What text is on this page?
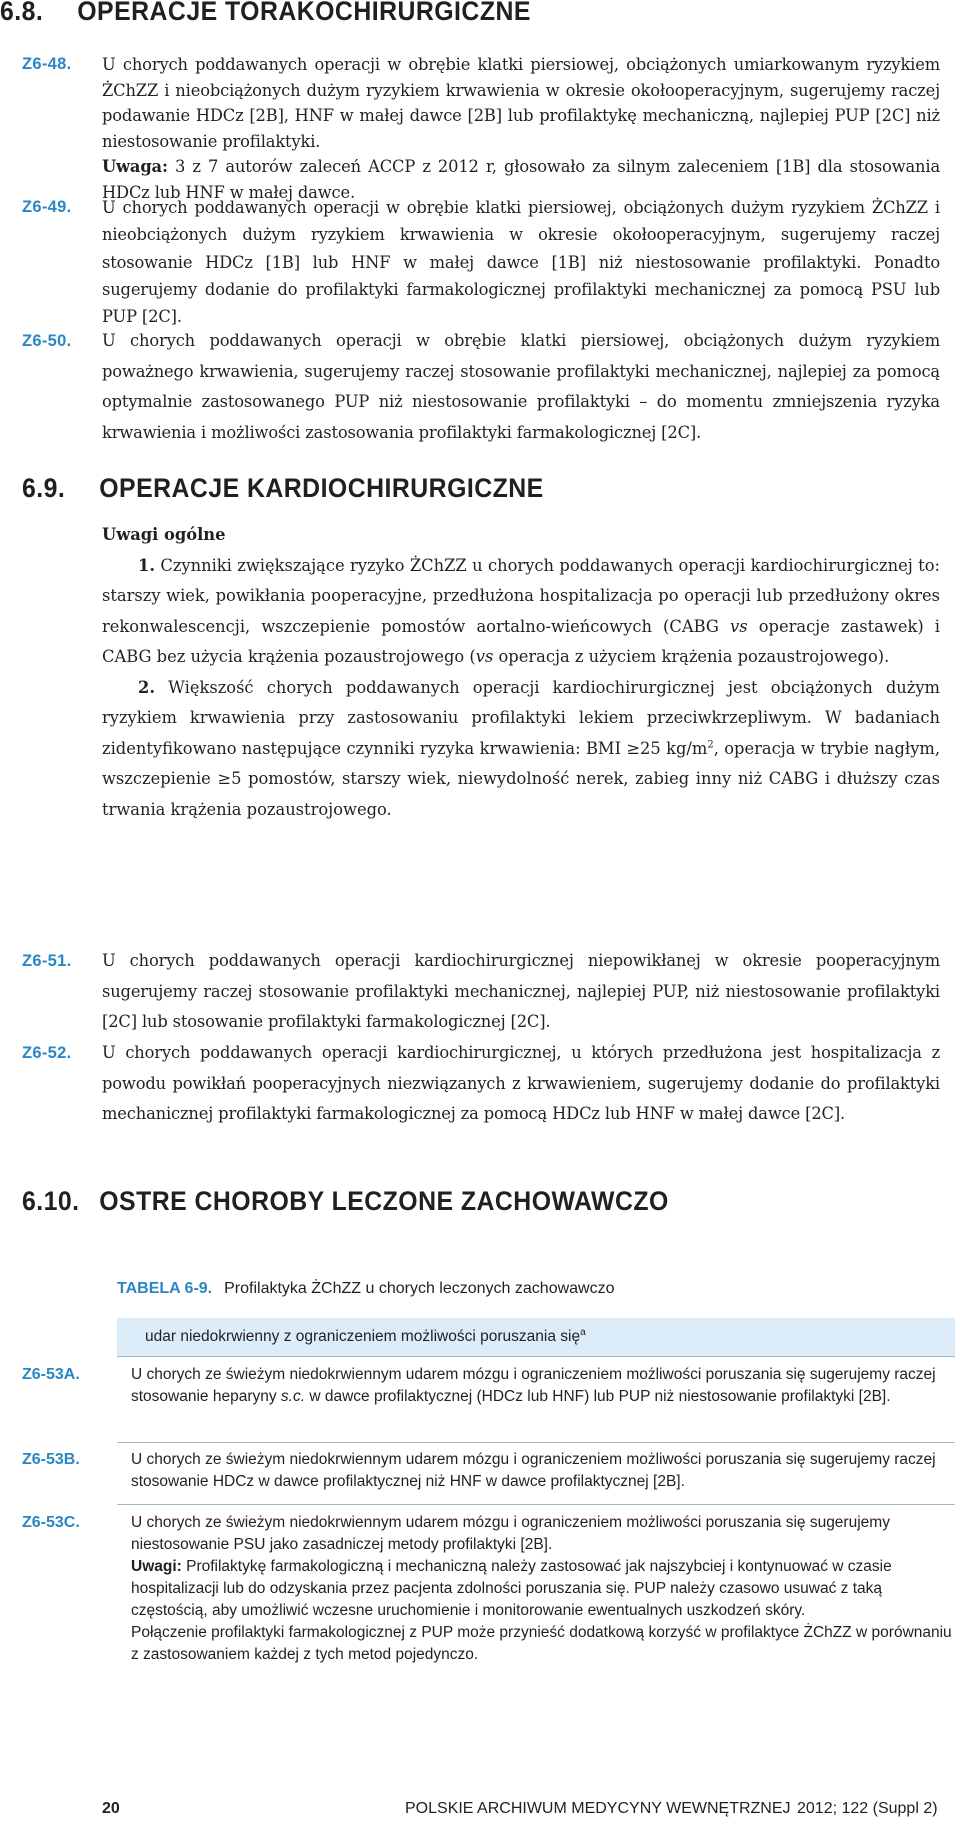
6.8. OPERACJE TORAKOCHIRURGICZNE
Z6-48. U chorych poddawanych operacji w obrębie klatki piersiowej, obciążonych umiarkowanym ryzykiem ŻChZZ i nieobciążonych dużym ryzykiem krwawienia w okresie okołooperacyjnym, sugerujemy raczej podawanie HDCz [2B], HNF w małej dawce [2B] lub profilaktykę mechaniczną, najlepiej PUP [2C] niż niestosowanie profilaktyki.
Uwaga: 3 z 7 autorów zaleceń ACCP z 2012 r, głosowało za silnym zaleceniem [1B] dla stosowania HDCz lub HNF w małej dawce.
Z6-49. U chorych poddawanych operacji w obrębie klatki piersiowej, obciążonych dużym ryzykiem ŻChZZ i nieobciążonych dużym ryzykiem krwawienia w okresie okołooperacyjnym, sugerujemy raczej stosowanie HDCz [1B] lub HNF w małej dawce [1B] niż niestosowanie profilaktyki. Ponadto sugerujemy dodanie do profilaktyki farmakologicznej profilaktyki mechanicznej za pomocą PSU lub PUP [2C].
Z6-50. U chorych poddawanych operacji w obrębie klatki piersiowej, obciążonych dużym ryzykiem poważnego krwawienia, sugerujemy raczej stosowanie profilaktyki mechanicznej, najlepiej za pomocą optymalnie zastosowanego PUP niż niestosowanie profilaktyki – do momentu zmniejszenia ryzyka krwawienia i możliwości zastosowania profilaktyki farmakologicznej [2C].
6.9. OPERACJE KARDIOCHIRURGICZNE
Uwagi ogólne

1. Czynniki zwiększające ryzyko ŻChZZ u chorych poddawanych operacji kardiochirurgicznej to: starszy wiek, powikłania pooperacyjne, przedłużona hospitalizacja po operacji lub przedłużony okres rekonwalescencji, wszczepienie pomostów aortalno-wieńcowych (CABG vs operacje zastawek) i CABG bez użycia krążenia pozaustrojowego (vs operacja z użyciem krążenia pozaustrojowego).

2. Większość chorych poddawanych operacji kardiochirurgicznej jest obciążonych dużym ryzykiem krwawienia przy zastosowaniu profilaktyki lekiem przeciwkrzepliwym. W badaniach zidentyfikowano następujące czynniki ryzyka krwawienia: BMI ≥25 $kg/m^2$, operacja w trybie nagłym, wszczepienie ≥5 pomostów, starszy wiek, niewydolność nerek, zabieg inny niż CABG i dłuższy czas trwania krążenia pozaustrojowego.

Z6-51. U chorych poddawanych operacji kardiochirurgicznej niepowikłanej w okresie pooperacyjnym sugerujemy raczej stosowanie profilaktyki mechanicznej, najlepiej PUP, niż niestosowanie profilaktyki [2C] lub stosowanie profilaktyki farmakologicznej [2C].
Z6-52. U chorych poddawanych operacji kardiochirurgicznej, u których przedłużona jest hospitalizacja z powodu powikłań pooperacyjnych niezwiązanych z krwawieniem, sugerujemy dodanie do profilaktyki mechanicznej profilaktyki farmakologicznej za pomocą HDCz lub HNF w małej dawce [2C].
6.10. OSTRE CHOROBY LECZONE ZACHOWAWCZO
TABELA 6-9. Profilaktyka ŻChZZ u chorych leczonych zachowawczo
udar niedokrwienny z ograniczeniem możliwości poruszania się$^a$
Z6-53A.	U chorych ze świeżym niedokrwiennym udarem mózgu i ograniczeniem możliwości poruszania się sugerujemy raczej stosowanie heparyny s.c. w dawce profilaktycznej (HDCz lub HNF) lub PUP niż niestosowanie profilaktyki [2B].
Z6-53B.	U chorych ze świeżym niedokrwiennym udarem mózgu i ograniczeniem możliwości poruszania się sugerujemy raczej stosowanie HDCz w dawce profilaktycznej niż HNF w dawce profilaktycznej [2B].
Z6-53C.	U chorych ze świeżym niedokrwiennym udarem mózgu i ograniczeniem możliwości poruszania się sugerujemy niestosowanie PSU jako zasadniczej metody profilaktyki [2B].
Uwagi: Profilaktykę farmakologiczną i mechaniczną należy zastosować jak najszybciej i kontynuować w czasie hospitalizacji lub do odzyskania przez pacjenta zdolności poruszania się. PUP należy czasowo usuwać z taką częstością, aby umożliwić wczesne uruchomienie i monitorowanie ewentualnych uszkodzeń skóry.
Połączenie profilaktyki farmakologicznej z PUP może przynieść dodatkową korzyść w profilaktyce ŻChZZ w porównaniu z zastosowaniem każdej z tych metod pojedynczo.
20	POLSKIE ARCHIWUM MEDYCYNY WEWNĘTRZNEJ 2012; 122 (Suppl 2)
